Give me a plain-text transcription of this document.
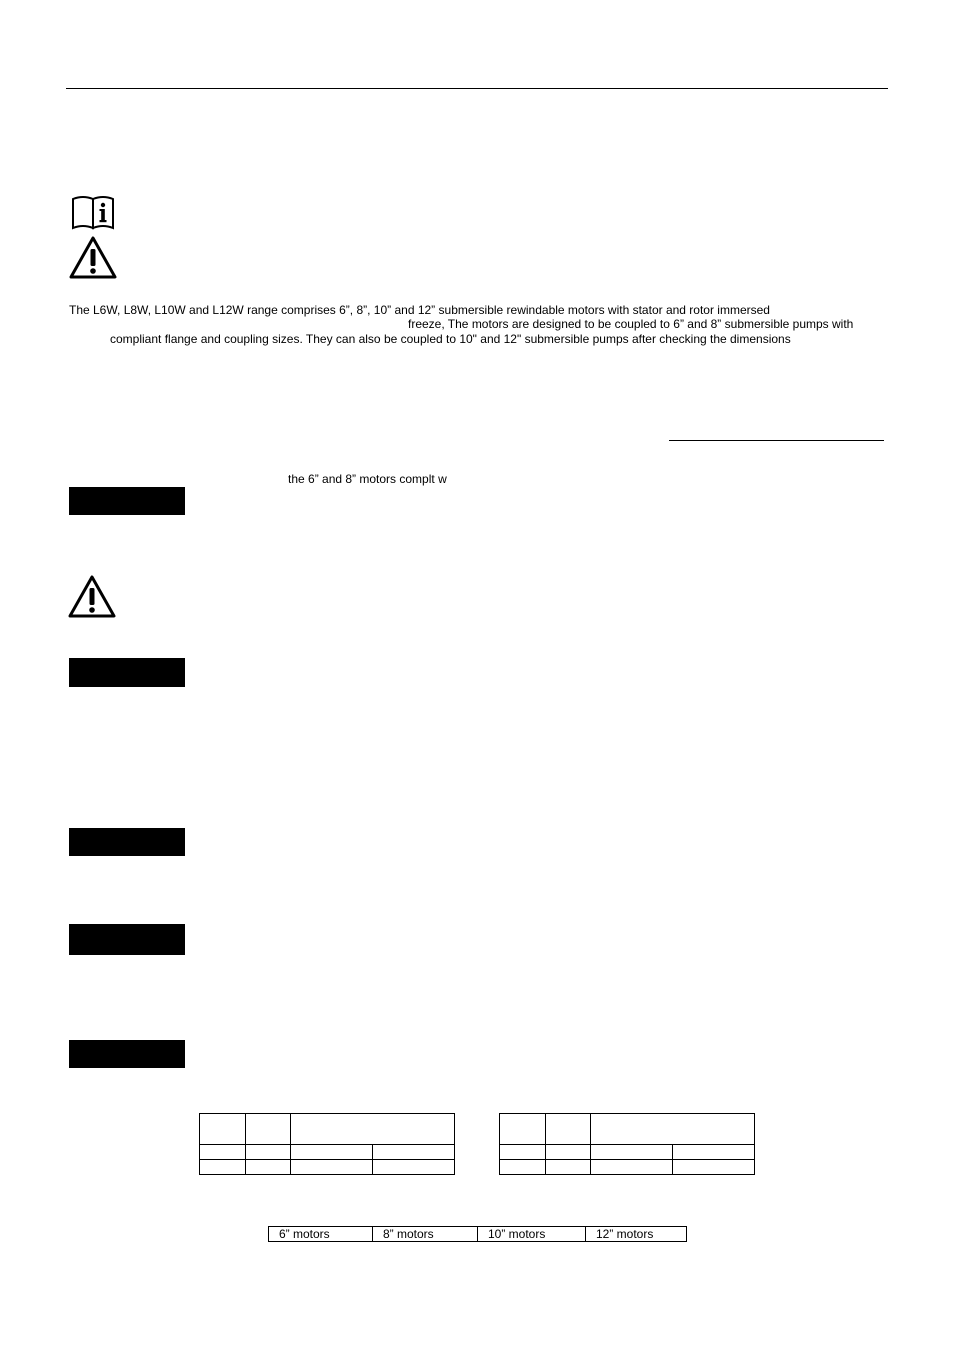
The L6W, L8W, L10W and L12W range comprises 6”, 8”, 10” and 12” submersible rewindable motors with stator and rotor immersed
freeze, The motors are designed to be coupled to 6” and 8” submersible pumps with
compliant flange and coupling sizes. They can also be coupled to 10" and 12" submersible pumps after checking the dimensions
the 6” and 8” motors complt w

6” motors	8” motors	10” motors	12” motors
